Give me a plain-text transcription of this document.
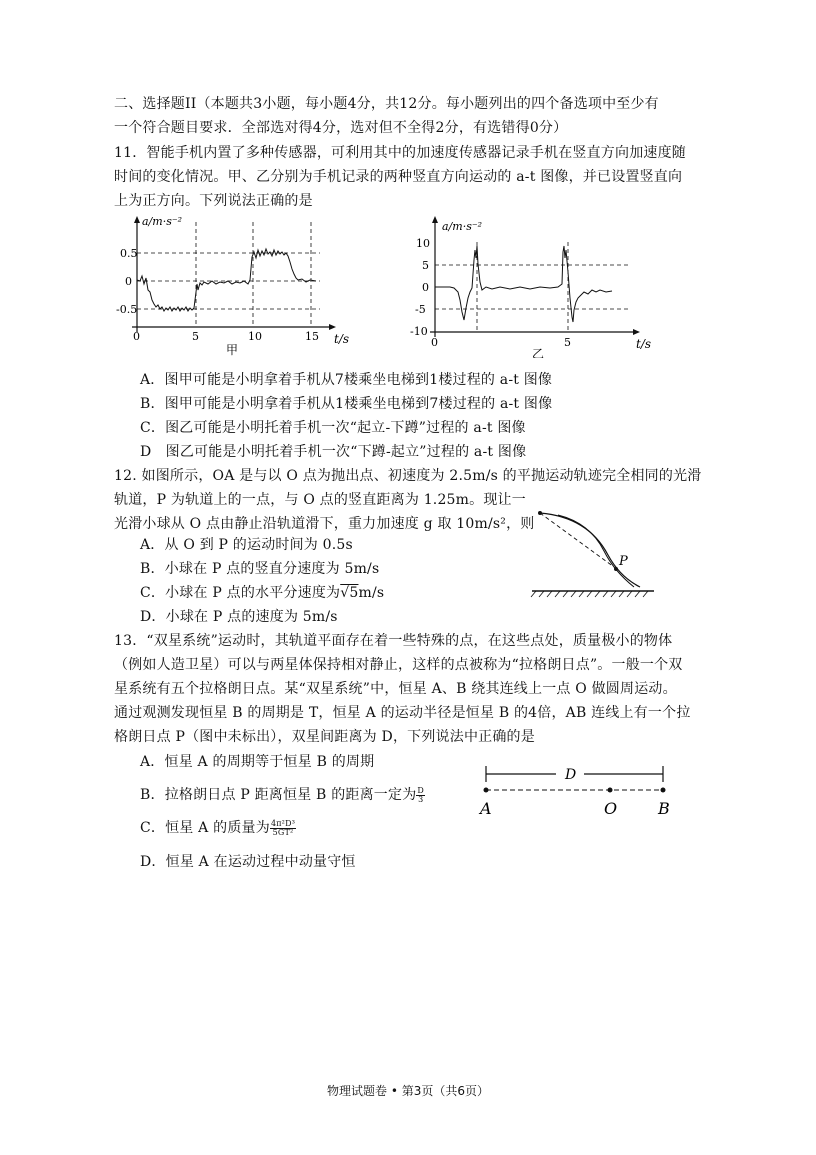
二、选择题II（本题共3小题，每小题4分，共12分。每小题列出的四个备选项中至少有
一个符合题目要求．全部选对得4分，选对但不全得2分，有选错得0分）
11．智能手机内置了多种传感器，可利用其中的加速度传感器记录手机在竖直方向加速度随
时间的变化情况。甲、乙分别为手机记录的两种竖直方向运动的 a-t 图像，并已设置竖直向
上为正方向。下列说法正确的是
a/m·s⁻²
t/s
0.5
0
-0.5
0	5	10	15
甲
a/m·s⁻²
t/s
10
5
0
-5
-10
0	5
乙
A．图甲可能是小明拿着手机从7楼乘坐电梯到1楼过程的 a-t 图像
B．图甲可能是小明拿着手机从1楼乘坐电梯到7楼过程的 a-t 图像
C．图乙可能是小明托着手机一次“起立-下蹲”过程的 a-t 图像
D　图乙可能是小明托着手机一次“下蹲-起立”过程的 a-t 图像
12. 如图所示，OA 是与以 O 点为抛出点、初速度为 2.5m/s 的平抛运动轨迹完全相同的光滑
轨道，P 为轨道上的一点，与 O 点的竖直距离为 1.25m。现让一
光滑小球从 O 点由静止沿轨道滑下，重力加速度 g 取 10m/s²，则
P
A．从 O 到 P 的运动时间为 0.5s
B．小球在 P 点的竖直分速度为 5m/s
C．小球在 P 点的水平分速度为√5m/s
D．小球在 P 点的速度为 5m/s
13．“双星系统”运动时，其轨道平面存在着一些特殊的点，在这些点处，质量极小的物体
（例如人造卫星）可以与两星体保持相对静止，这样的点被称为“拉格朗日点”。一般一个双
星系统有五个拉格朗日点。某“双星系统”中，恒星 A、B 绕其连线上一点 O 做圆周运动。
通过观测发现恒星 B 的周期是 T，恒星 A 的运动半径是恒星 B 的4倍，AB 连线上有一个拉
格朗日点 P（图中未标出），双星间距离为 D，下列说法中正确的是
A．恒星 A 的周期等于恒星 B 的周期
B．拉格朗日点 P 距离恒星 B 的距离一定为 $\frac{D}{3}$
C．恒星 A 的质量为 $\frac{\text{4π²D³}}{\text{5GT²}}$
D．恒星 A 在运动过程中动量守恒
D
A	O	B
物理试题卷 • 第3页（共6页）
